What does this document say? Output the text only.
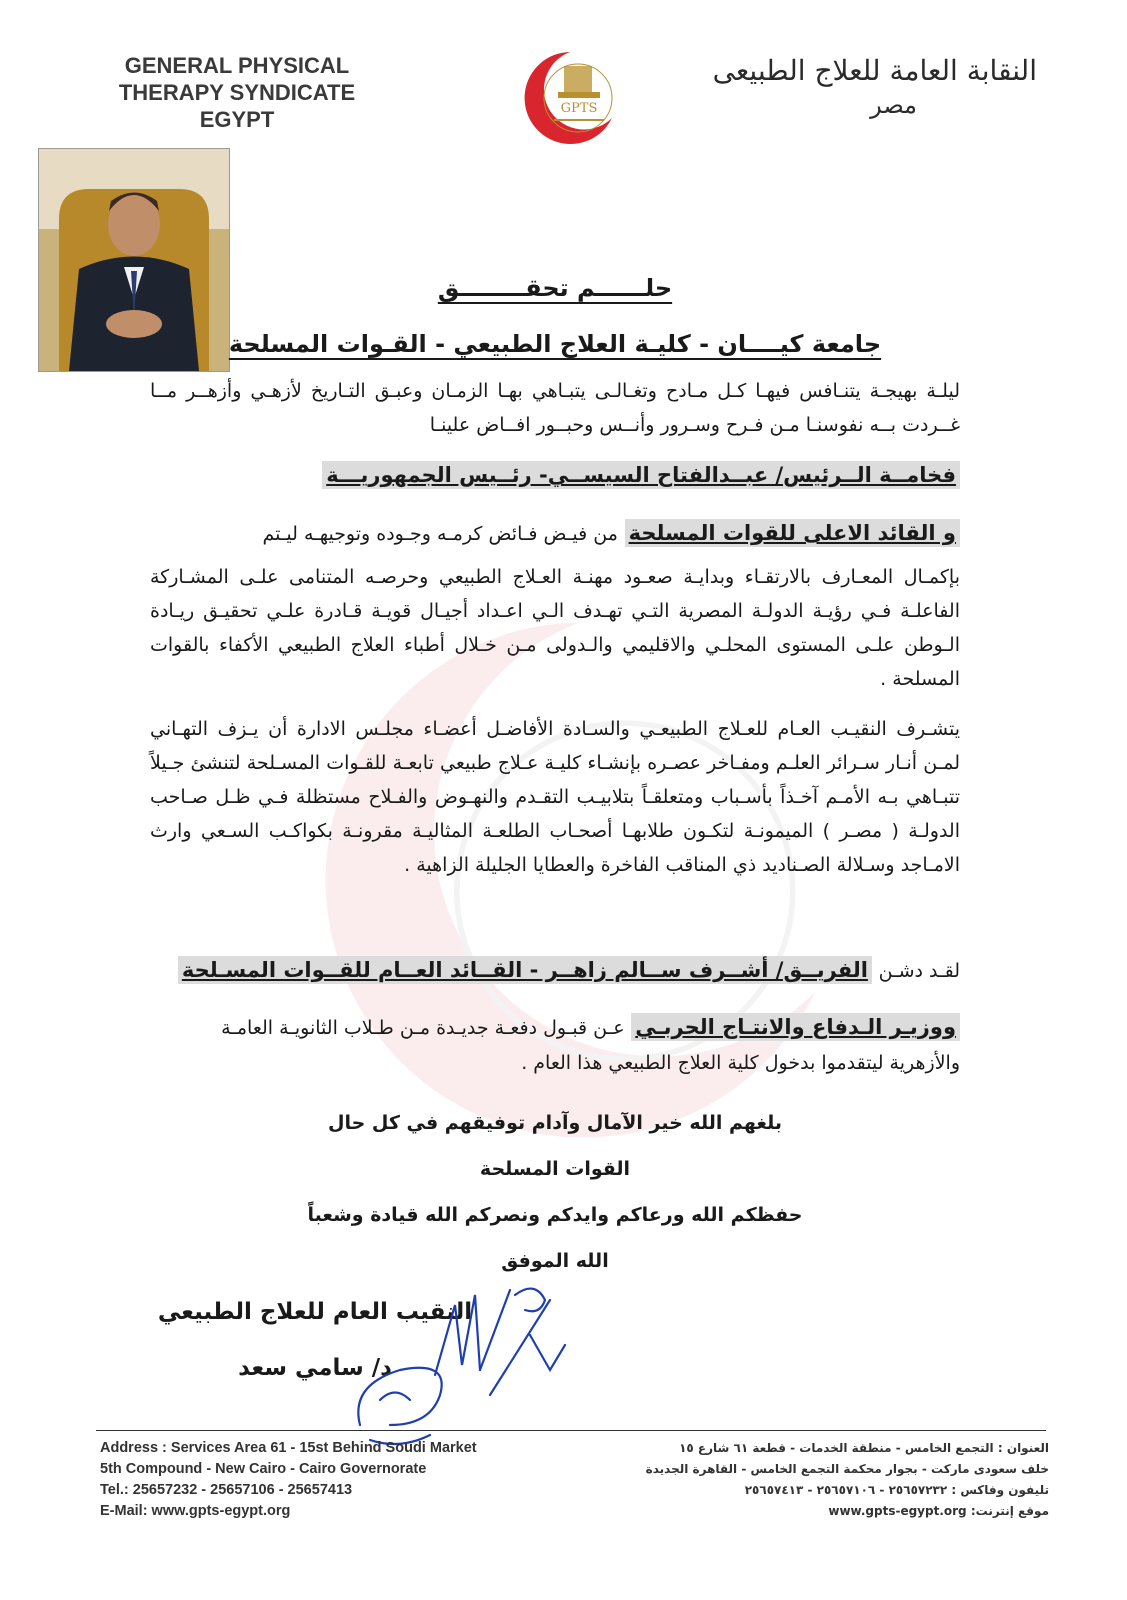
GENERAL PHYSICAL
THERAPY SYNDICATE
EGYPT	GPTS
النقابة العامة للعلاج الطبيعى
مصر
حلــــــم تحقــــــــق
جامعة كيــــان - كليـة العلاج الطبيعي - القـوات المسلحة
ليلـة بهيجـة يتنـافس فيهـا كـل مـادح وتغـالـى يتبـاهي بهـا الزمـان وعبـق التـاريخ لأزهـي وأزهــر مــا غــردت بــه نفوسنـا مـن فـرح وسـرور وأنــس وحبــور افــاض علينـا
فخامــة الــرئيس/ عبــدالفتاح السيســي- رئــيس الجمهوريـــة
و القائد الاعلى للقوات المسلحة من فيـض فـائض كرمـه وجـوده وتوجيهـه ليـتم
بإكمـال المعـارف بالارتقـاء وبدايـة صعـود مهنـة العـلاج الطبيعي وحرصـه المتنامى علـى المشـاركة الفاعلـة فـي رؤيـة الدولـة المصرية التـي تهـدف الـي اعـداد أجيـال قويـة قـادرة علـي تحقيـق ريـادة الـوطن علـى المستوى المحلـي والاقليمي والـدولى مـن خـلال أطباء العلاج الطبيعي الأكفاء بالقوات المسلحة .
يتشـرف النقيـب العـام للعـلاج الطبيعـي والسـادة الأفاضـل أعضـاء مجلـس الادارة أن يـزف التهـاني لمـن أنـار سـرائر العلـم ومفـاخر عصـره بإنشـاء كليـة عـلاج طبيعي تابعـة للقـوات المسـلحة لتنشئ جـيلاً تتبـاهي بـه الأمـم آخـذاً بأسـباب ومتعلقـاً بتلابيـب التقـدم والنهـوض والفـلاح مستظلة فـي ظـل صـاحب الدولـة ( مصـر ) الميمونـة لتكـون طلابهـا أصحـاب الطلعـة المثاليـة مقرونـة بكواكـب السـعي وارث الامـاجد وسـلالة الصـناديد ذي المناقب الفاخرة والعطايا الجليلة الزاهية .
لقـد دشـن الفريــق/ أشــرف ســالم زاهــر - القــائد العــام للقــوات المسـلحة
ووزيـر الـدفاع والانتـاج الحربـي عـن قبـول دفعـة جديـدة مـن طـلاب الثانويـة العامـة والأزهرية ليتقدموا بدخول كلية العلاج الطبيعي هذا العام .
بلغهم الله خير الآمال وآدام توفيقهم في كل حال
القوات المسلحة
حفظكم الله ورعاكم وايدكم ونصركم الله قيادة وشعباً
الله الموفق
النقيب العام للعلاج الطبيعي
د/ سامي سعد
Address : Services Area 61 - 15st Behind Soudi Market
5th Compound - New Cairo - Cairo Governorate
Tel.: 25657232 - 25657106 - 25657413
E-Mail: www.gpts-egypt.org
العنوان : التجمع الخامس - منطقة الخدمات - قطعة ٦١ شارع ١٥
خلف سعودى ماركت - بجوار محكمة التجمع الخامس - القاهرة الجديدة
تليفون وفاكس : ٢٥٦٥٧٢٣٢ - ٢٥٦٥٧١٠٦ - ٢٥٦٥٧٤١٣
موقع إنترنت: www.gpts-egypt.org
